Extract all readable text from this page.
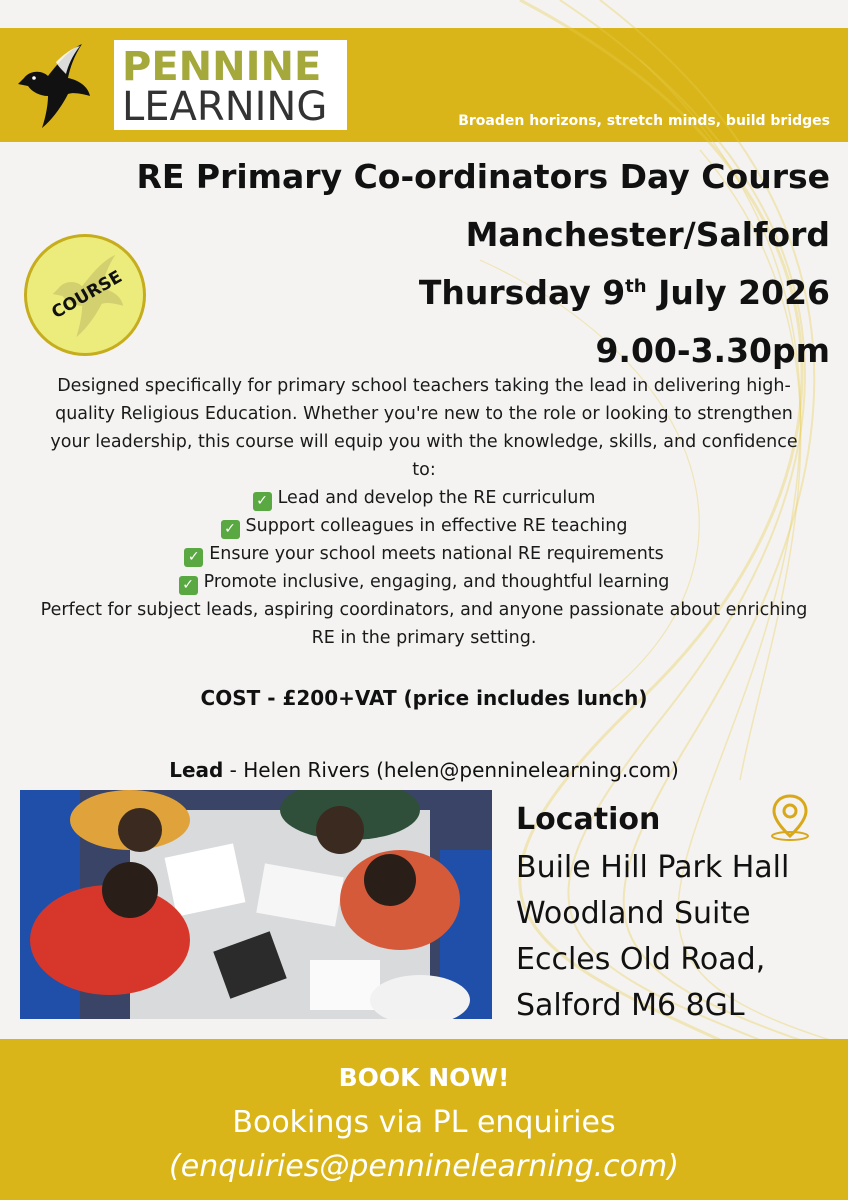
PENNINE
LEARNING	Broaden horizons, stretch minds, build bridges
RE Primary Co-ordinators Day Course
Manchester/Salford
Thursday 9th July 2026
9.00-3.30pm
COURSE
Designed specifically for primary school teachers taking the lead in delivering high-quality Religious Education. Whether you're new to the role or looking to strengthen your leadership, this course will equip you with the knowledge, skills, and confidence to:
✓ Lead and develop the RE curriculum
✓ Support colleagues in effective RE teaching
✓ Ensure your school meets national RE requirements
✓ Promote inclusive, engaging, and thoughtful learning
Perfect for subject leads, aspiring coordinators, and anyone passionate about enriching RE in the primary setting.
COST - £200+VAT (price includes lunch)
Lead - Helen Rivers (helen@penninelearning.com)
Location
Buile Hill Park Hall
Woodland Suite
Eccles Old Road,
Salford M6 8GL
BOOK NOW!
Bookings via PL enquiries
(enquiries@penninelearning.com)
